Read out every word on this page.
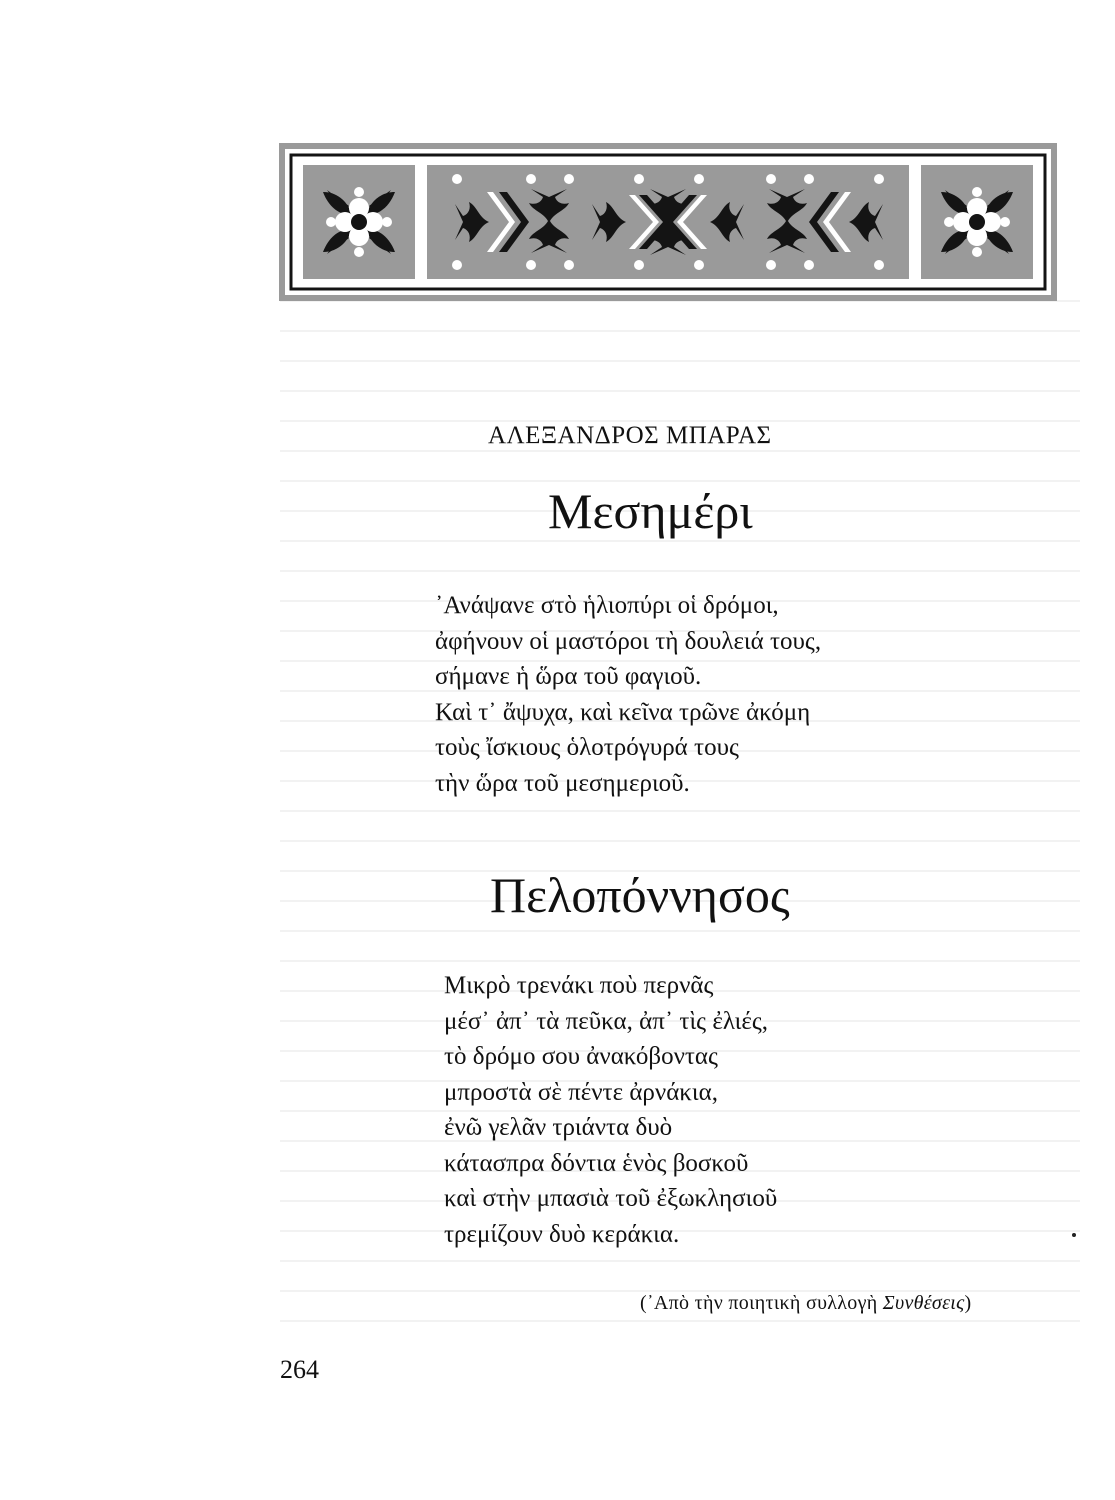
ΑΛΕΞΑΝΔΡΟΣ ΜΠΑΡΑΣ
Μεσημέρι
᾿Ανάψανε στὸ ἡλιοπύρι οἱ δρόμοι,
ἀφήνουν οἱ μαστόροι τὴ δουλειά τους,
σήμανε ἡ ὥρα τοῦ φαγιοῦ.
Καὶ τ᾿ ἄψυχα, καὶ κεῖνα τρῶνε ἀκόμη
τοὺς ἴσκιους ὁλοτρόγυρά τους
τὴν ὥρα τοῦ μεσημεριοῦ.
Πελοπόννησος
Μικρὸ τρενάκι ποὺ περνᾶς
μέσ᾿ ἀπ᾿ τὰ πεῦκα, ἀπ᾿ τὶς ἐλιές,
τὸ δρόμο σου ἀνακόβοντας
μπροστὰ σὲ πέντε ἀρνάκια,
ἐνῶ γελᾶν τριάντα δυὸ
κάτασπρα δόντια ἑνὸς βοσκοῦ
καὶ στὴν μπασιὰ τοῦ ἐξωκλησιοῦ
τρεμίζουν δυὸ κεράκια.
(᾿Απὸ τὴν ποιητικὴ συλλογὴ Συνθέσεις)
264
